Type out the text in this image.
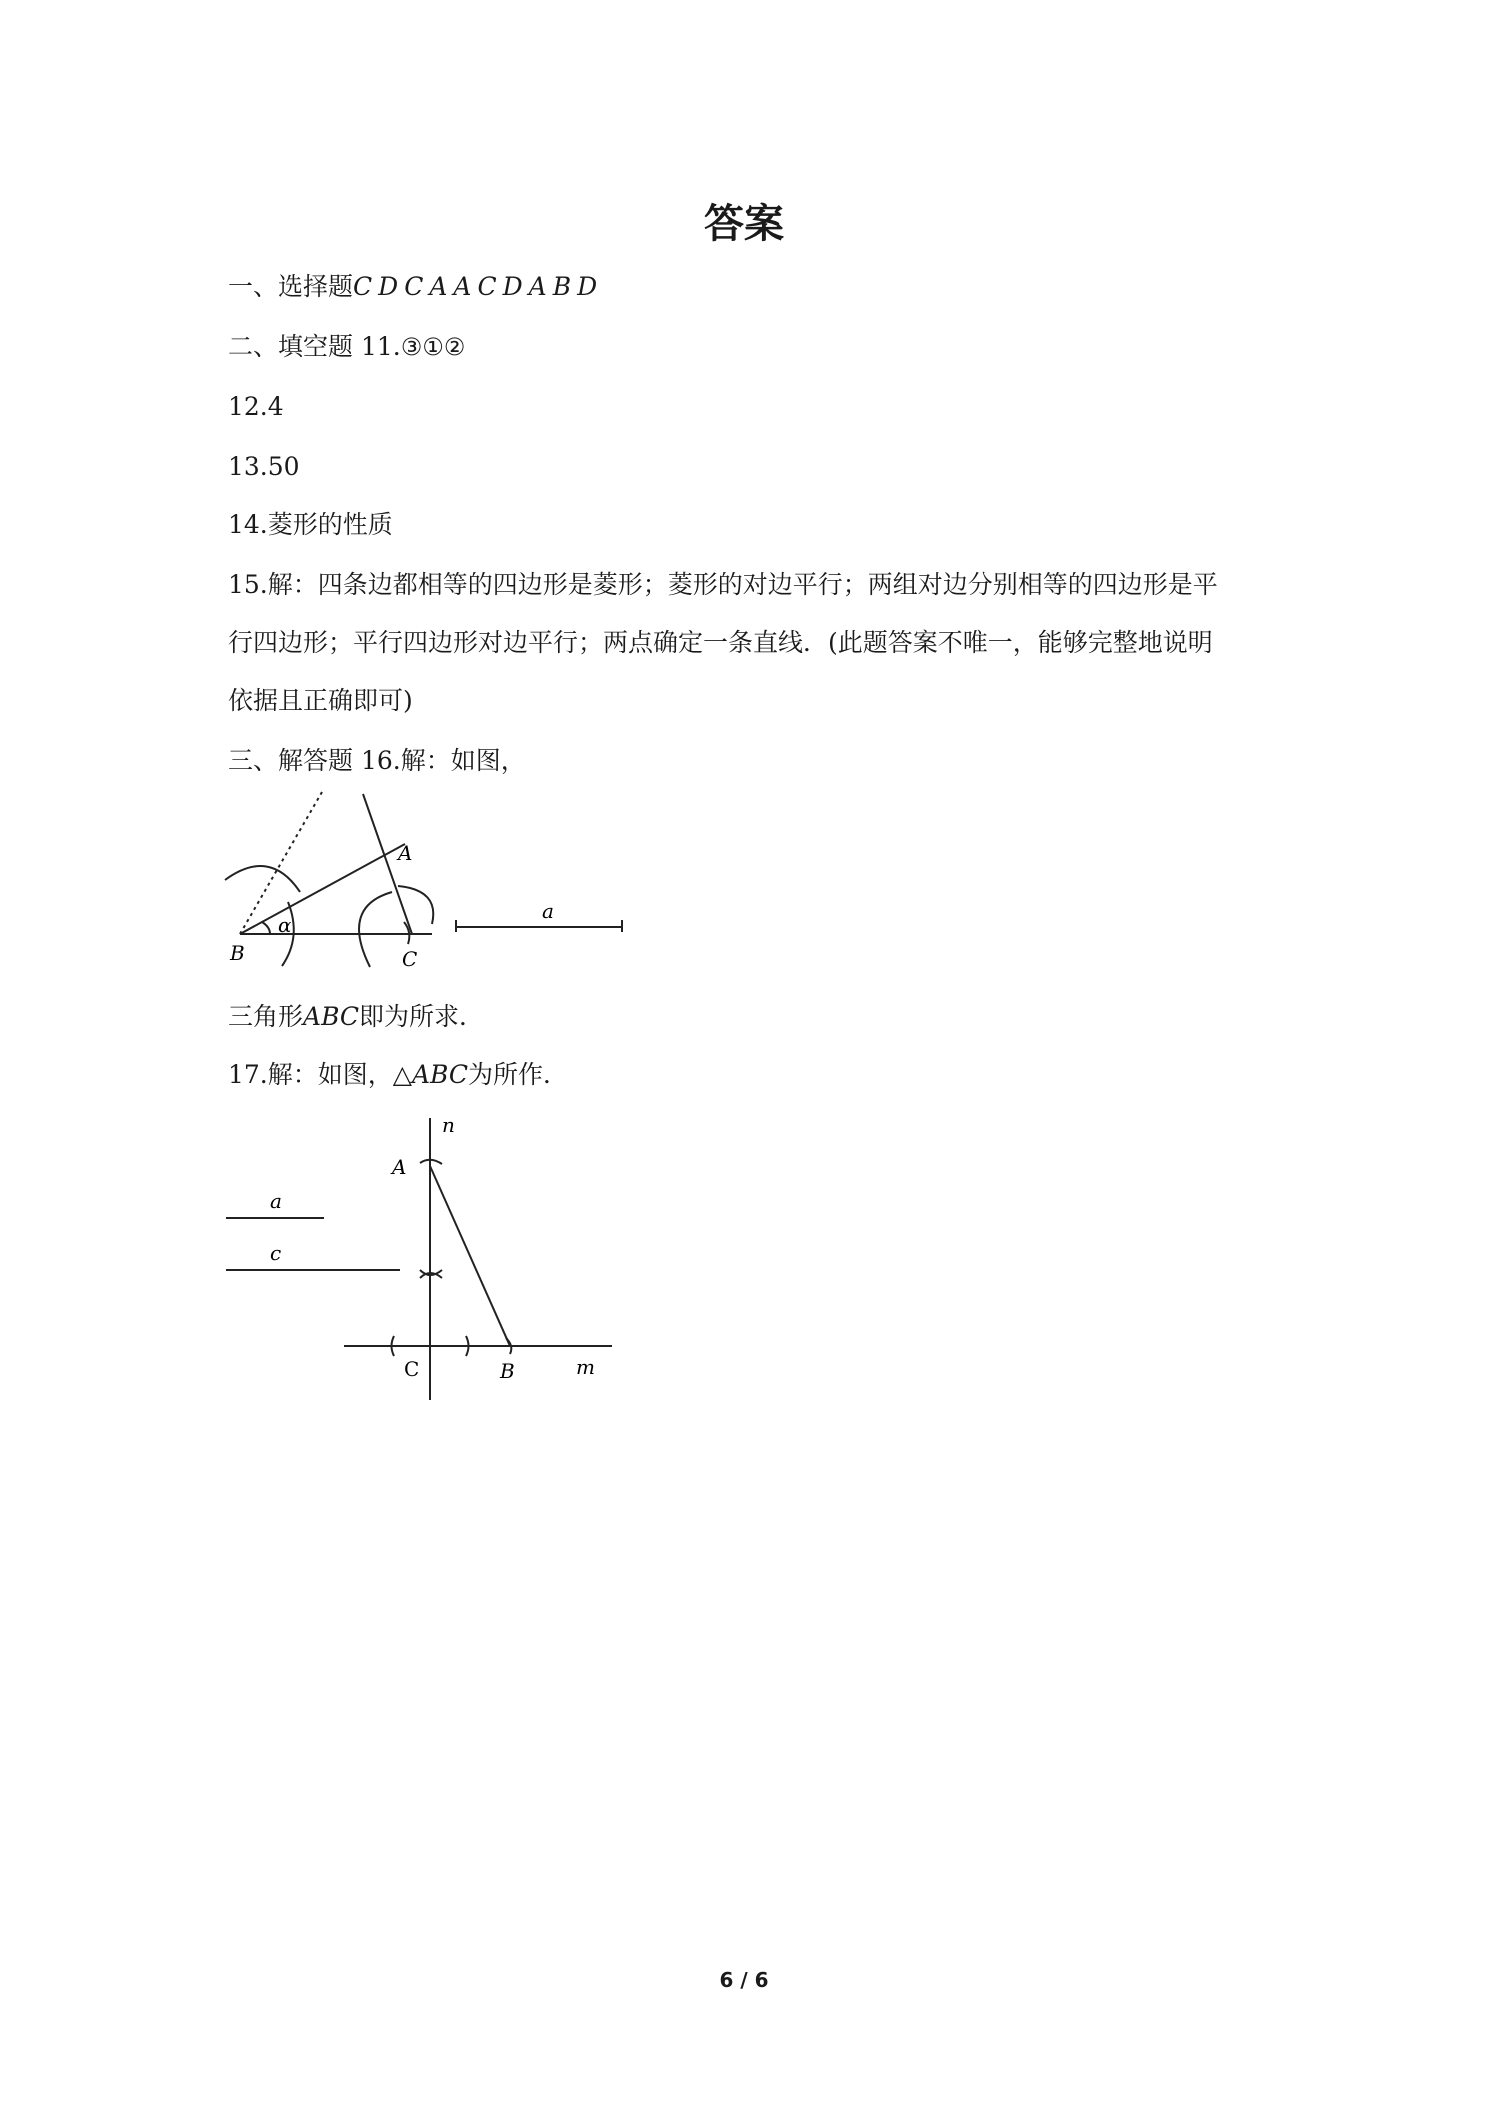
答案
一、选择题C D C A A C D A B D
二、填空题 11.③①②
12.4
13.50
14.菱形的性质
15.解：四条边都相等的四边形是菱形；菱形的对边平行；两组对边分别相等的四边形是平
行四边形；平行四边形对边平行；两点确定一条直线．(此题答案不唯一，能够完整地说明
依据且正确即可)
三、解答题 16.解：如图，
A
B	C
α
a
三角形ABC即为所求．
17.解：如图，△ABC为所作．
n
A
a
c
C	B	m
6 / 6
